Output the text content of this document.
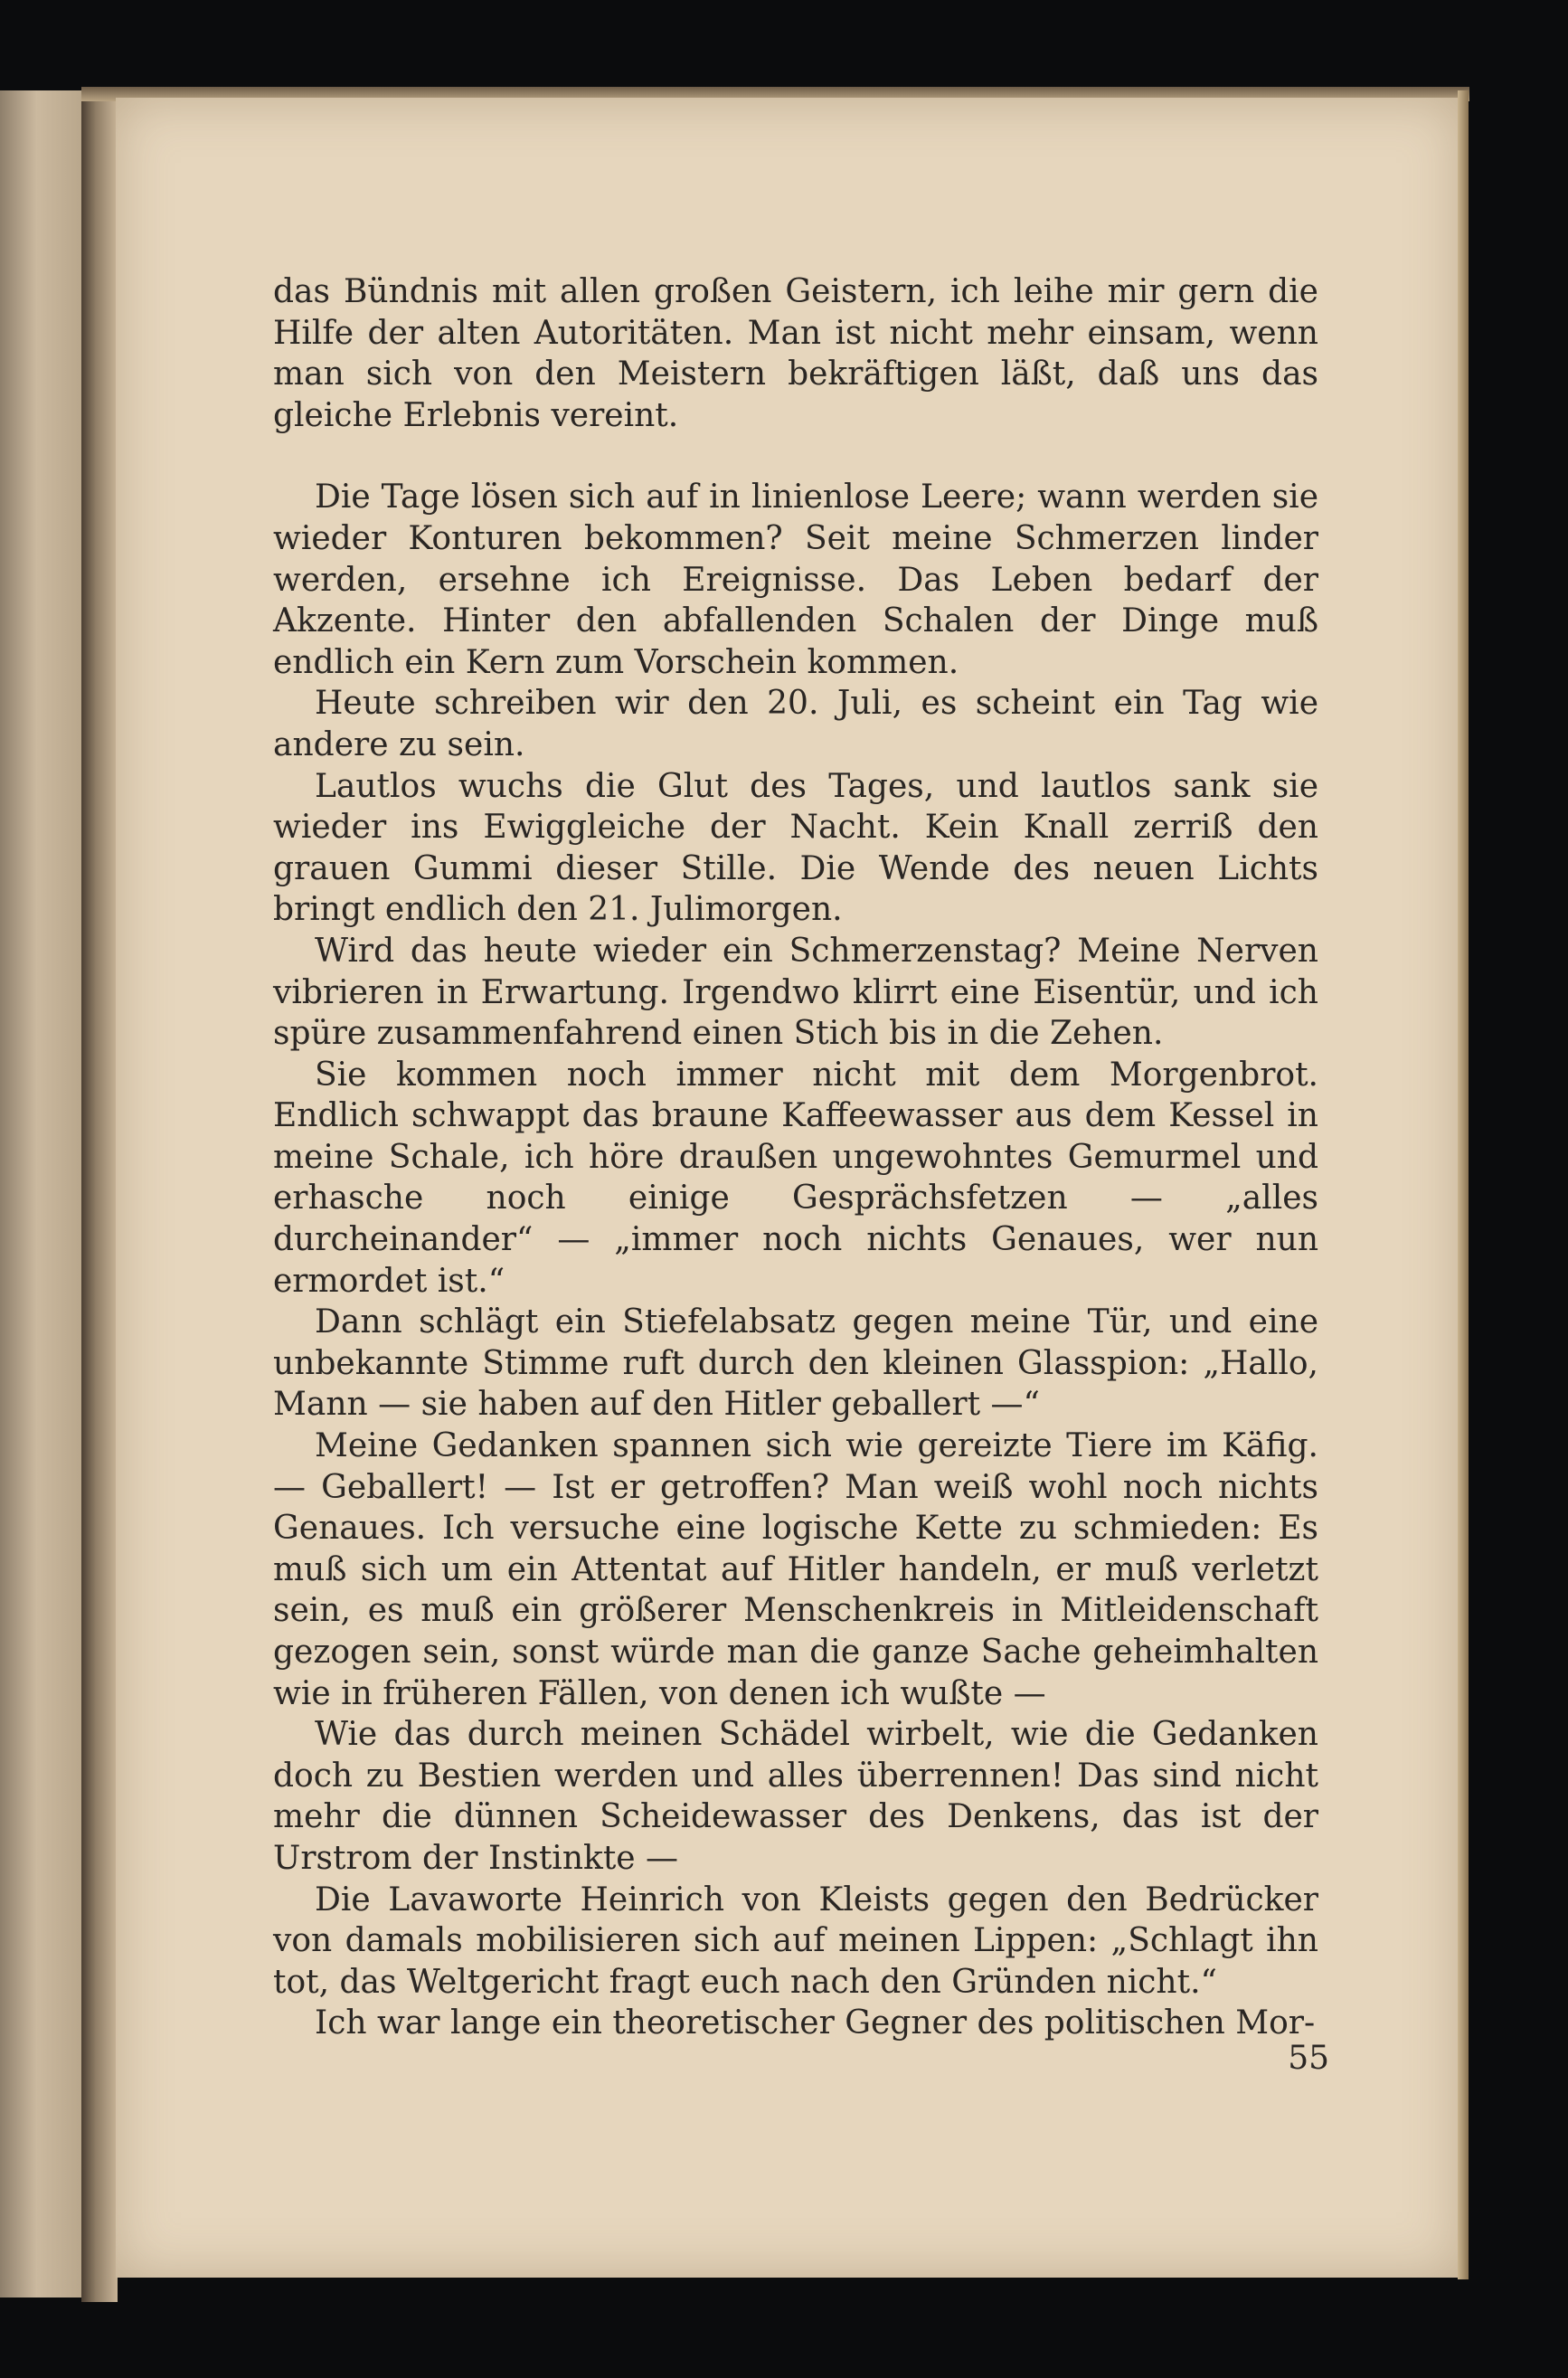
das Bündnis mit allen großen Geistern, ich leihe mir gern die Hilfe der alten Autoritäten. Man ist nicht mehr einsam, wenn man sich von den Meistern bekräftigen läßt, daß uns das gleiche Erlebnis vereint.

Die Tage lösen sich auf in linienlose Leere; wann werden sie wieder Konturen bekommen? Seit meine Schmerzen linder werden, ersehne ich Ereignisse. Das Leben bedarf der Akzente. Hinter den abfallenden Schalen der Dinge muß endlich ein Kern zum Vorschein kommen.

Heute schreiben wir den 20. Juli, es scheint ein Tag wie andere zu sein.

Lautlos wuchs die Glut des Tages, und lautlos sank sie wieder ins Ewiggleiche der Nacht. Kein Knall zerriß den grauen Gummi dieser Stille. Die Wende des neuen Lichts bringt endlich den 21. Julimorgen.

Wird das heute wieder ein Schmerzenstag? Meine Nerven vibrieren in Erwartung. Irgendwo klirrt eine Eisentür, und ich spüre zusammenfahrend einen Stich bis in die Zehen.

Sie kommen noch immer nicht mit dem Morgenbrot. Endlich schwappt das braune Kaffeewasser aus dem Kessel in meine Schale, ich höre draußen ungewohntes Gemurmel und erhasche noch einige Gesprächsfetzen — „alles durcheinander“ — „immer noch nichts Genaues, wer nun ermordet ist.“

Dann schlägt ein Stiefelabsatz gegen meine Tür, und eine unbekannte Stimme ruft durch den kleinen Glasspion: „Hallo, Mann — sie haben auf den Hitler geballert —“

Meine Gedanken spannen sich wie gereizte Tiere im Käfig. — Geballert! — Ist er getroffen? Man weiß wohl noch nichts Genaues. Ich versuche eine logische Kette zu schmieden: Es muß sich um ein Attentat auf Hitler handeln, er muß verletzt sein, es muß ein größerer Menschenkreis in Mitleidenschaft gezogen sein, sonst würde man die ganze Sache geheimhalten wie in früheren Fällen, von denen ich wußte —

Wie das durch meinen Schädel wirbelt, wie die Gedanken doch zu Bestien werden und alles überrennen! Das sind nicht mehr die dünnen Scheidewasser des Denkens, das ist der Urstrom der Instinkte —

Die Lavaworte Heinrich von Kleists gegen den Bedrücker von damals mobilisieren sich auf meinen Lippen: „Schlagt ihn tot, das Weltgericht fragt euch nach den Gründen nicht.“

Ich war lange ein theoretischer Gegner des politischen Mor-

55
